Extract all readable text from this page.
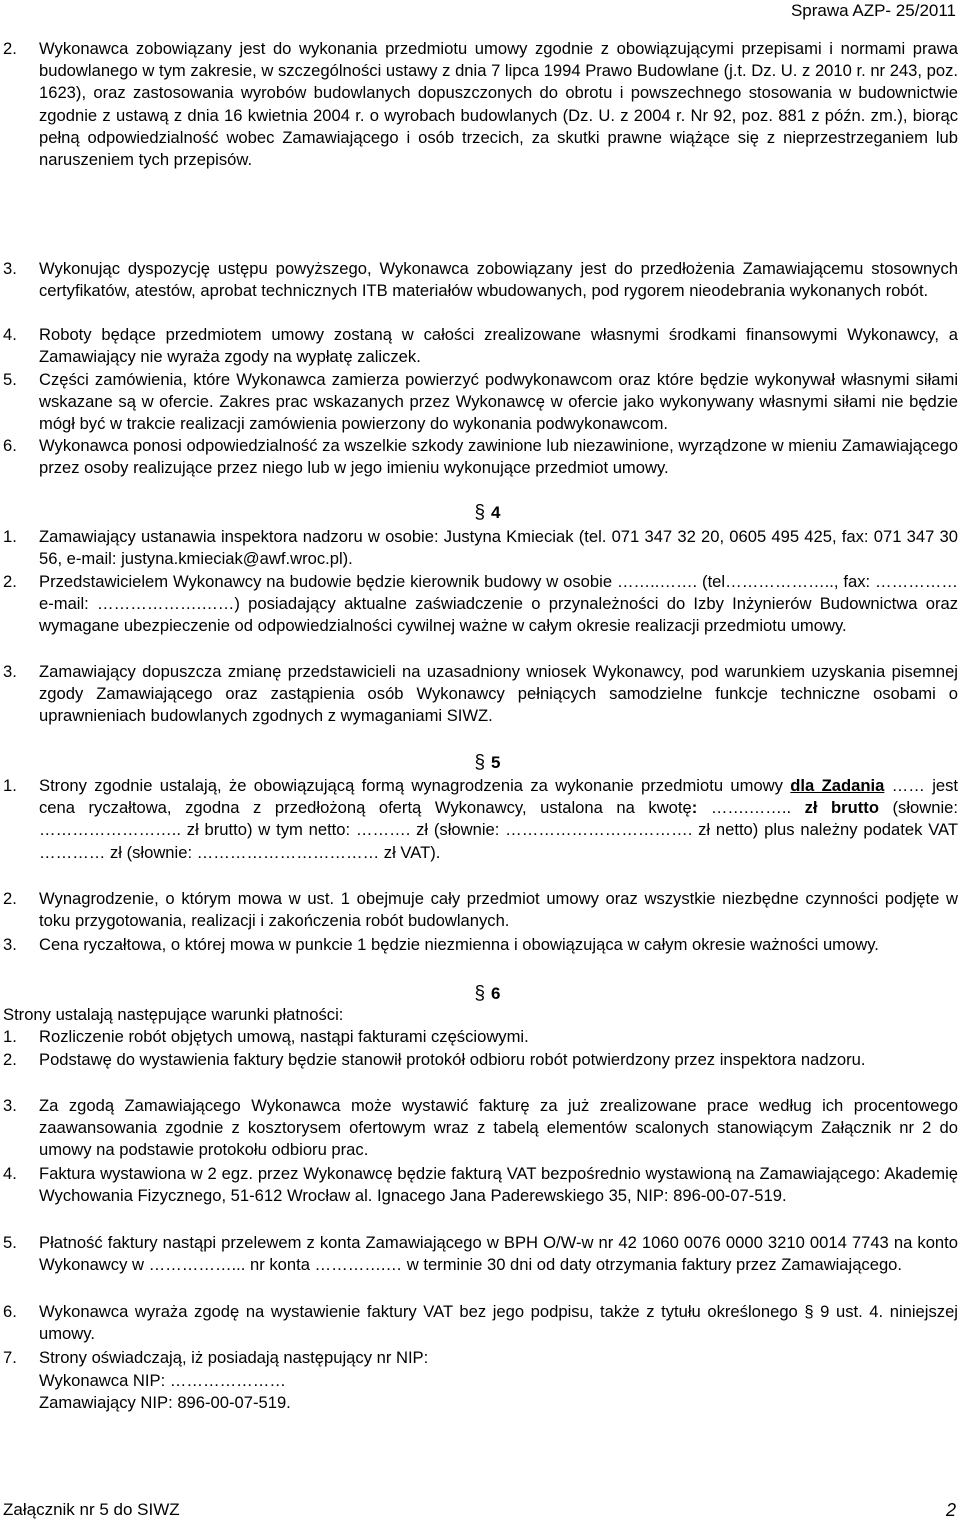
Sprawa AZP- 25/2011
2. Wykonawca zobowiązany jest do wykonania przedmiotu umowy zgodnie z obowiązującymi przepisami i normami prawa budowlanego w tym zakresie, w szczególności ustawy z dnia 7 lipca 1994 Prawo Budowlane (j.t. Dz. U. z 2010 r. nr 243, poz. 1623), oraz zastosowania wyrobów budowlanych dopuszczonych do obrotu i powszechnego stosowania w budownictwie zgodnie z ustawą z dnia 16 kwietnia 2004 r. o wyrobach budowlanych (Dz. U. z 2004 r. Nr 92, poz. 881 z późn. zm.), biorąc pełną odpowiedzialność wobec Zamawiającego i osób trzecich, za skutki prawne wiążące się z nieprzestrzeganiem lub naruszeniem tych przepisów.
3. Wykonując dyspozycję ustępu powyższego, Wykonawca zobowiązany jest do przedłożenia Zamawiającemu stosownych certyfikatów, atestów, aprobat technicznych ITB materiałów wbudowanych, pod rygorem nieodebrania wykonanych robót.
4. Roboty będące przedmiotem umowy zostaną w całości zrealizowane własnymi środkami finansowymi Wykonawcy, a Zamawiający nie wyraża zgody na wypłatę zaliczek.
5. Części zamówienia, które Wykonawca zamierza powierzyć podwykonawcom oraz które będzie wykonywał własnymi siłami wskazane są w ofercie. Zakres prac wskazanych przez Wykonawcę w ofercie jako wykonywany własnymi siłami nie będzie mógł być w trakcie realizacji zamówienia powierzony do wykonania podwykonawcom.
6. Wykonawca ponosi odpowiedzialność za wszelkie szkody zawinione lub niezawinione, wyrządzone w mieniu Zamawiającego przez osoby realizujące przez niego lub w jego imieniu wykonujące przedmiot umowy.
§ 4
1. Zamawiający ustanawia inspektora nadzoru w osobie: Justyna Kmieciak (tel. 071 347 32 20, 0605 495 425, fax: 071 347 30 56, e-mail: justyna.kmieciak@awf.wroc.pl).
2. Przedstawicielem Wykonawcy na budowie będzie kierownik budowy w osobie ……..……. (tel……………….., fax: ……………e-mail: ……………….……) posiadający aktualne zaświadczenie o przynależności do Izby Inżynierów Budownictwa oraz wymagane ubezpieczenie od odpowiedzialności cywilnej ważne w całym okresie realizacji przedmiotu umowy.
3. Zamawiający dopuszcza zmianę przedstawicieli na uzasadniony wniosek Wykonawcy, pod warunkiem uzyskania pisemnej zgody Zamawiającego oraz zastąpienia osób Wykonawcy pełniących samodzielne funkcje techniczne osobami o uprawnieniach budowlanych zgodnych z wymaganiami SIWZ.
§ 5
1. Strony zgodnie ustalają, że obowiązującą formą wynagrodzenia za wykonanie przedmiotu umowy dla Zadania …… jest cena ryczałtowa, zgodna z przedłożoną ofertą Wykonawcy, ustalona na kwotę: …….…….. zł brutto (słownie: …………………….. zł brutto) w tym netto: ………. zł (słownie: ……………………………. zł netto) plus należny podatek VAT ………… zł (słownie: …………………………… zł VAT).
2. Wynagrodzenie, o którym mowa w ust. 1 obejmuje cały przedmiot umowy oraz wszystkie niezbędne czynności podjęte w toku przygotowania, realizacji i zakończenia robót budowlanych.
3. Cena ryczałtowa, o której mowa w punkcie 1 będzie niezmienna i obowiązująca w całym okresie ważności umowy.
§ 6
Strony ustalają następujące warunki płatności:
1. Rozliczenie robót objętych umową, nastąpi fakturami częściowymi.
2. Podstawę do wystawienia faktury będzie stanowił protokół odbioru robót potwierdzony przez inspektora nadzoru.
3. Za zgodą Zamawiającego Wykonawca może wystawić fakturę za już zrealizowane prace według ich procentowego zaawansowania zgodnie z kosztorysem ofertowym wraz z tabelą elementów scalonych stanowiącym Załącznik nr 2 do umowy na podstawie protokołu odbioru prac.
4. Faktura wystawiona w 2 egz. przez Wykonawcę będzie fakturą VAT bezpośrednio wystawioną na Zamawiającego: Akademię Wychowania Fizycznego, 51-612 Wrocław al. Ignacego Jana Paderewskiego 35, NIP: 896-00-07-519.
5. Płatność faktury nastąpi przelewem z konta Zamawiającego w BPH O/W-w nr 42 1060 0076 0000 3210 0014 7743 na konto Wykonawcy w ……………... nr konta ………….… w terminie 30 dni od daty otrzymania faktury przez Zamawiającego.
6. Wykonawca wyraża zgodę na wystawienie faktury VAT bez jego podpisu, także z tytułu określonego § 9 ust. 4. niniejszej umowy.
7. Strony oświadczają, iż posiadają następujący nr NIP:
Wykonawca NIP: …………………
Zamawiający NIP: 896-00-07-519.
Załącznik nr 5 do SIWZ	2
